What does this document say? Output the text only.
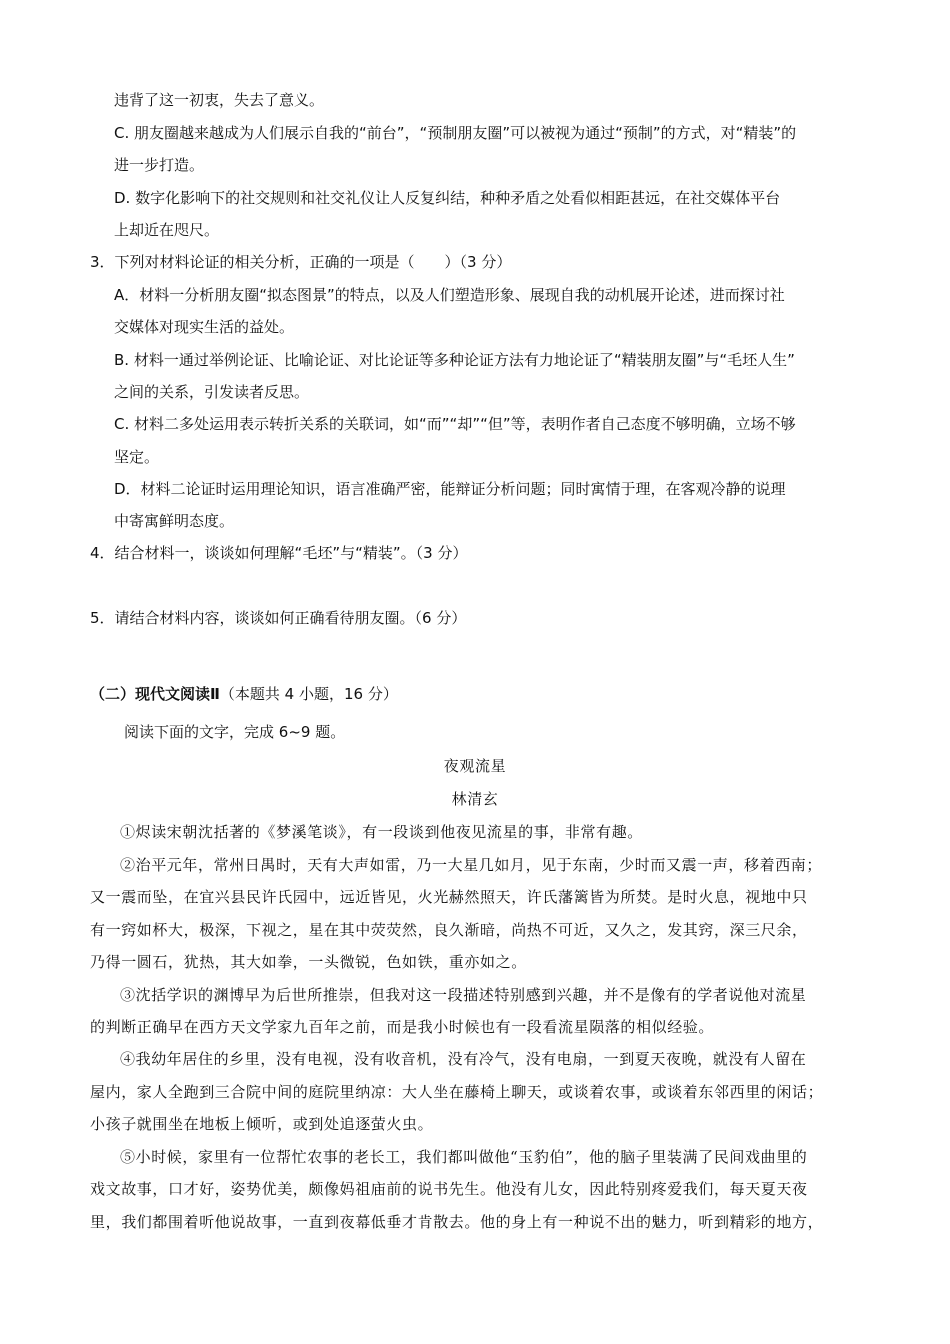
违背了这一初衷，失去了意义。
C. 朋友圈越来越成为人们展示自我的“前台”，“预制朋友圈”可以被视为通过“预制”的方式，对“精装”的
进一步打造。
D. 数字化影响下的社交规则和社交礼仪让人反复纠结，种种矛盾之处看似相距甚远，在社交媒体平台
上却近在咫尺。
3．下列对材料论证的相关分析，正确的一项是（　　）（3 分）
A．材料一分析朋友圈“拟态图景”的特点，以及人们塑造形象、展现自我的动机展开论述，进而探讨社
交媒体对现实生活的益处。
B. 材料一通过举例论证、比喻论证、对比论证等多种论证方法有力地论证了“精装朋友圈”与“毛坯人生”
之间的关系，引发读者反思。
C. 材料二多处运用表示转折关系的关联词，如“而”“却”“但”等，表明作者自己态度不够明确，立场不够
坚定。
D．材料二论证时运用理论知识，语言准确严密，能辩证分析问题；同时寓情于理，在客观冷静的说理
中寄寓鲜明态度。
4．结合材料一，谈谈如何理解“毛坯”与“精装”。（3 分）
5．请结合材料内容，谈谈如何正确看待朋友圈。（6 分）
（二）现代文阅读Ⅱ（本题共 4 小题，16 分）
阅读下面的文字，完成 6~9 题。
夜观流星
林清玄
①烬读宋朝沈括著的《梦溪笔谈》，有一段谈到他夜见流星的事，非常有趣。
②治平元年，常州日禺时，天有大声如雷，乃一大星几如月，见于东南，少时而又震一声，移着西南；
又一震而坠，在宜兴县民许氏园中，远近皆见，火光赫然照天，许氏藩篱皆为所焚。是时火息，视地中只
有一窍如杯大，极深，下视之，星在其中荧荧然，良久渐暗，尚热不可近，又久之，发其窍，深三尺余，
乃得一圆石，犹热，其大如拳，一头微锐，色如铁，重亦如之。
③沈括学识的渊博早为后世所推崇，但我对这一段描述特别感到兴趣，并不是像有的学者说他对流星
的判断正确早在西方天文学家九百年之前，而是我小时候也有一段看流星陨落的相似经验。
④我幼年居住的乡里，没有电视，没有收音机，没有冷气，没有电扇，一到夏天夜晚，就没有人留在
屋内，家人全跑到三合院中间的庭院里纳凉：大人坐在藤椅上聊天，或谈着农事，或谈着东邻西里的闲话；
小孩子就围坐在地板上倾听，或到处追逐萤火虫。
⑤小时候，家里有一位帮忙农事的老长工，我们都叫做他“玉豹伯”，他的脑子里装满了民间戏曲里的
戏文故事，口才好，姿势优美，颇像妈祖庙前的说书先生。他没有儿女，因此特别疼爱我们，每天夏天夜
里，我们都围着听他说故事，一直到夜幕低垂才肯散去。他的身上有一种说不出的魅力，听到精彩的地方，
